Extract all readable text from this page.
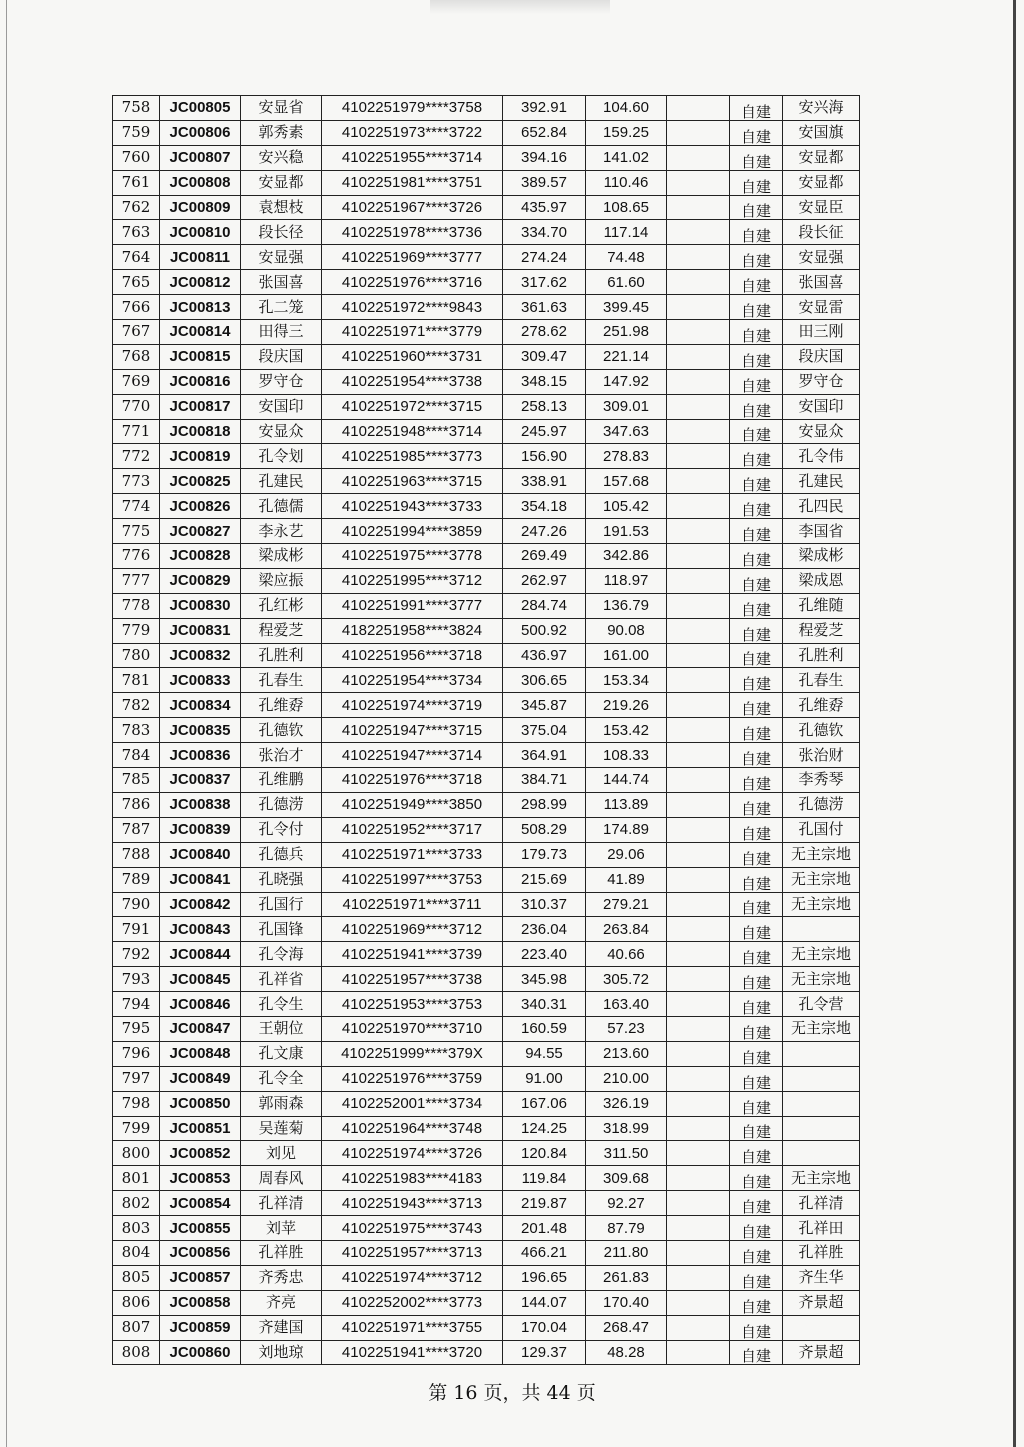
758	JC00805	安显省	4102251979****3758	392.91	104.60		自建	安兴海
759	JC00806	郭秀素	4102251973****3722	652.84	159.25		自建	安国旗
760	JC00807	安兴稳	4102251955****3714	394.16	141.02		自建	安显都
761	JC00808	安显都	4102251981****3751	389.57	110.46		自建	安显都
762	JC00809	袁想枝	4102251967****3726	435.97	108.65		自建	安显臣
763	JC00810	段长径	4102251978****3736	334.70	117.14		自建	段长征
764	JC00811	安显强	4102251969****3777	274.24	74.48		自建	安显强
765	JC00812	张国喜	4102251976****3716	317.62	61.60		自建	张国喜
766	JC00813	孔二笼	4102251972****9843	361.63	399.45		自建	安显雷
767	JC00814	田得三	4102251971****3779	278.62	251.98		自建	田三刚
768	JC00815	段庆国	4102251960****3731	309.47	221.14		自建	段庆国
769	JC00816	罗守仓	4102251954****3738	348.15	147.92		自建	罗守仓
770	JC00817	安国印	4102251972****3715	258.13	309.01		自建	安国印
771	JC00818	安显众	4102251948****3714	245.97	347.63		自建	安显众
772	JC00819	孔令划	4102251985****3773	156.90	278.83		自建	孔令伟
773	JC00825	孔建民	4102251963****3715	338.91	157.68		自建	孔建民
774	JC00826	孔德儒	4102251943****3733	354.18	105.42		自建	孔四民
775	JC00827	李永艺	4102251994****3859	247.26	191.53		自建	李国省
776	JC00828	梁成彬	4102251975****3778	269.49	342.86		自建	梁成彬
777	JC00829	梁应振	4102251995****3712	262.97	118.97		自建	梁成恩
778	JC00830	孔红彬	4102251991****3777	284.74	136.79		自建	孔维随
779	JC00831	程爱芝	4182251958****3824	500.92	90.08		自建	程爱芝
780	JC00832	孔胜利	4102251956****3718	436.97	161.00		自建	孔胜利
781	JC00833	孔春生	4102251954****3734	306.65	153.34		自建	孔春生
782	JC00834	孔维孬	4102251974****3719	345.87	219.26		自建	孔维孬
783	JC00835	孔德钦	4102251947****3715	375.04	153.42		自建	孔德钦
784	JC00836	张治才	4102251947****3714	364.91	108.33		自建	张治财
785	JC00837	孔维鹏	4102251976****3718	384.71	144.74		自建	李秀琴
786	JC00838	孔德涝	4102251949****3850	298.99	113.89		自建	孔德涝
787	JC00839	孔令付	4102251952****3717	508.29	174.89		自建	孔国付
788	JC00840	孔德兵	4102251971****3733	179.73	29.06		自建	无主宗地
789	JC00841	孔晓强	4102251997****3753	215.69	41.89		自建	无主宗地
790	JC00842	孔国行	4102251971****3711	310.37	279.21		自建	无主宗地
791	JC00843	孔国锋	4102251969****3712	236.04	263.84		自建	
792	JC00844	孔令海	4102251941****3739	223.40	40.66		自建	无主宗地
793	JC00845	孔祥省	4102251957****3738	345.98	305.72		自建	无主宗地
794	JC00846	孔令生	4102251953****3753	340.31	163.40		自建	孔令营
795	JC00847	王朝位	4102251970****3710	160.59	57.23		自建	无主宗地
796	JC00848	孔文康	4102251999****379X	94.55	213.60		自建	
797	JC00849	孔令全	4102251976****3759	91.00	210.00		自建	
798	JC00850	郭雨森	4102252001****3734	167.06	326.19		自建	
799	JC00851	吴莲菊	4102251964****3748	124.25	318.99		自建	
800	JC00852	刘见	4102251974****3726	120.84	311.50		自建	
801	JC00853	周春风	4102251983****4183	119.84	309.68		自建	无主宗地
802	JC00854	孔祥清	4102251943****3713	219.87	92.27		自建	孔祥清
803	JC00855	刘苹	4102251975****3743	201.48	87.79		自建	孔祥田
804	JC00856	孔祥胜	4102251957****3713	466.21	211.80		自建	孔祥胜
805	JC00857	齐秀忠	4102251974****3712	196.65	261.83		自建	齐生华
806	JC00858	齐亮	4102252002****3773	144.07	170.40		自建	齐景超
807	JC00859	齐建国	4102251971****3755	170.04	268.47		自建	
808	JC00860	刘地琼	4102251941****3720	129.37	48.28		自建	齐景超
第 16 页，共 44 页
